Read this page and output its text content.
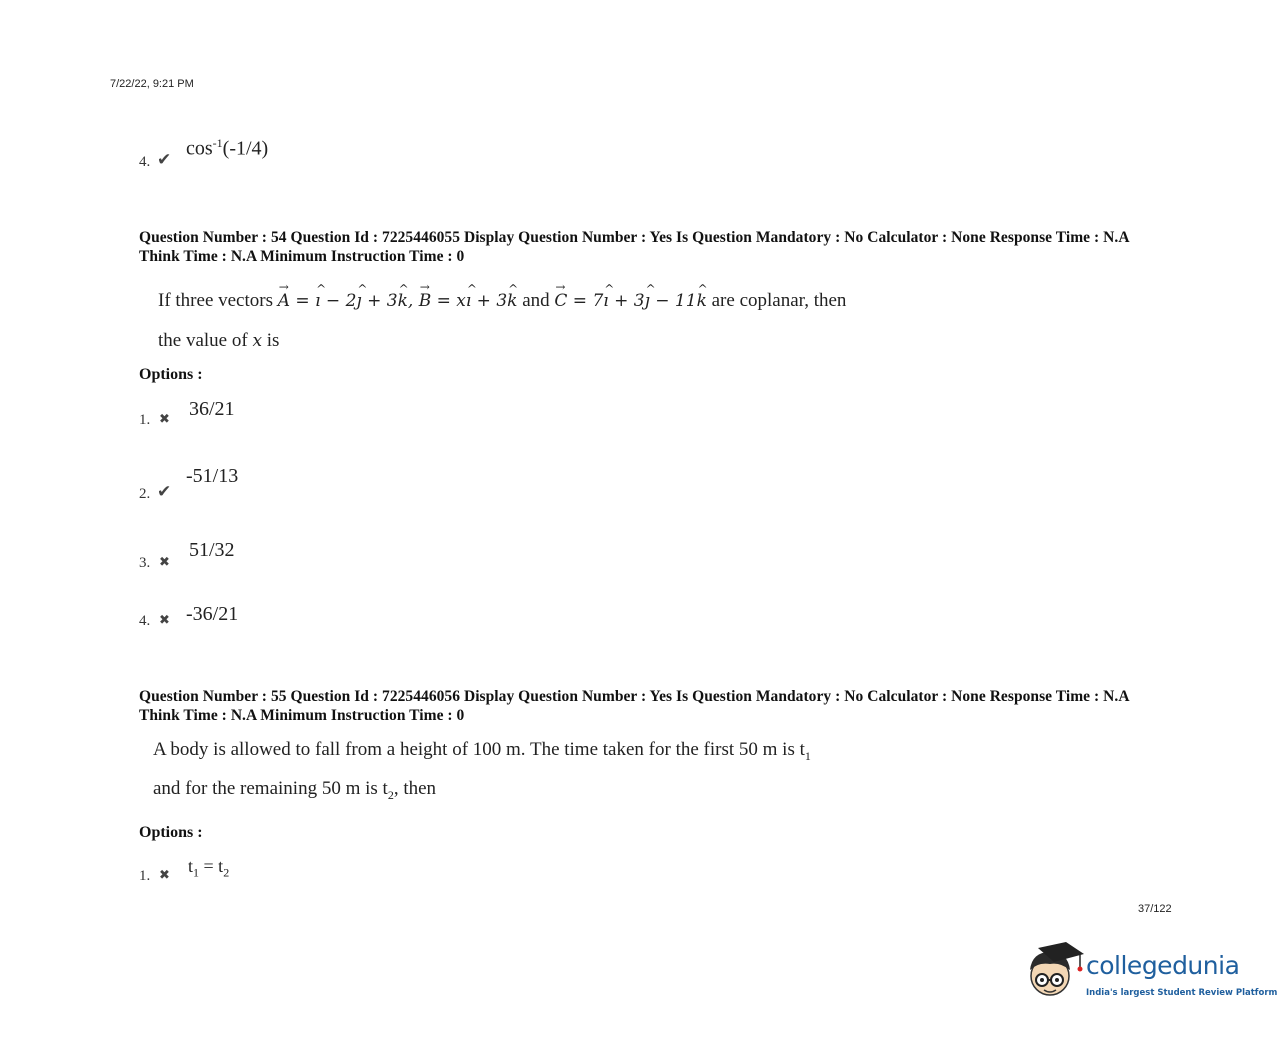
7/22/22, 9:21 PM
4. ✔ $\cos^{-1}(-1/4)$
Question Number : 54 Question Id : 7225446055 Display Question Number : Yes Is Question Mandatory : No Calculator : None Response Time : N.A Think Time : N.A Minimum Instruction Time : 0
If three vectors → A = ^ ı − 2^ ȷ + 3^ k, → B = x^ ı + 3^ k and → C = 7^ ı + 3^ ȷ − 11^ k are coplanar, then
the value of x is
Options :
1. ✖ 36/21
2. ✔
-51/13
3. ✖
51/32
4. ✖ -36/21
Question Number : 55 Question Id : 7225446056 Display Question Number : Yes Is Question Mandatory : No Calculator : None Response Time : N.A Think Time : N.A Minimum Instruction Time : 0
A body is allowed to fall from a height of 100 m. The time taken for the first 50 m is $t_1$
and for the remaining 50 m is $t_2$, then
Options :
1. ✖ $t_1 = t_2$
37/122
collegedunia
India's largest Student Review Platform
